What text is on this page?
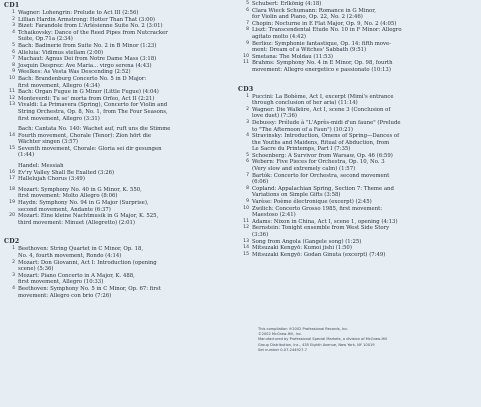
CD1
1 Wagner: Lohengrin: Prelude to Act III (2:56)
2 Lillian Hardin Armstrong: Hotter Than That (3:00)
3 Bizet: Farandole from L'Arlésienne Suite No. 2 (3:01)
4 Tchaikovsky: Dance of the Reed Pipes from Nutcracker
Suite, Op.71a (2:34)
5 Bach: Badinerie from Suite No. 2 in B Minor (1:23)
6 Alleluia: Vidimus stellam (2:00)
7 Machaut: Agnus Dei from Notre Dame Mass (3:18)
8 Josquin Desprez: Ave Maria... virgo serena (4:43)
9 Weelkes: As Vesta Was Descending (2:52)
10 Bach: Brandenburg Concerto No. 5 in D Major:
first movement, Allegro (4:34)
11 Bach: Organ Fugue in G Minor (Little Fugue) (4:04)
12 Monteverdi: Tu se' morta from Orfeo, Act II (2:21)
13 Vivaldi: La Primavera (Spring), Concerto for Violin and
String Orchestra, Op. 8, No. 1, from The Four Seasons,
first movement, Allegro (3:31)
Bach: Cantata No. 140: Wachet auf, ruft uns die Stimme
14 Fourth movement, Chorale (Tenor): Zion hört die
Wächter singen (3:57)
15 Seventh movement, Chorale: Gloria sei dir gesungen
(1:44)
Handel: Messiah
16 Ev'ry Valley Shall Be Exalted (3:26)
17 Hallelujah Chorus (3:49)
18 Mozart: Symphony No. 40 in G Minor, K. 550,
first movement: Molto Allegro (8:06)
19 Haydn: Symphony No. 94 in G Major (Surprise),
second movement, Andante (6:37)
20 Mozart: Eine kleine Nachtmusik in G Major, K. 525,
third movement: Minuet (Allegretto) (2:01)
CD2
1 Beethoven: String Quartet in C Minor, Op. 18,
No. 4, fourth movement, Rondo (4:14)
2 Mozart: Don Giovanni, Act I: Introduction (opening
scene) (5:36)
3 Mozart: Piano Concerto in A Major, K. 488,
first movement, Allegro (10:33)
4 Beethoven: Symphony No. 5 in C Minor, Op. 67: first
movement: Allegro con brio (7:26)
5 Schubert: Erlkönig (4:18)
6 Clara Wieck Schumann: Romance in G Minor,
for Violin and Piano, Op. 22, No. 2 (2:46)
7 Chopin: Nocturne in E Flat Major, Op. 9, No. 2 (4:05)
8 Liszt: Transcendental Etude No. 10 in F Minor: Allegro
agitato molto (4:42)
9 Berlioz: Symphonie fantastique, Op. 14: fifth move-
ment: Dream of a Witches' Sabbath (9:51)
10 Smetana: The Moldau (11:53)
11 Brahms: Symphony No. 4 in E Minor, Op. 98, fourth
movement: Allegro energetico e passionato (10:13)
CD3
1 Puccini: La Bohème, Act I, excerpt (Mimì's entrance
through conclusion of her aria) (11:14)
2 Wagner: Die Walküre, Act I, scene 3 (Conclusion of
love duet) (7:36)
3 Debussy: Prélude à "L'Après-midi d'un faune" (Prelude
to "The Afternoon of a Faun") (10:21)
4 Stravinsky: Introduction, Omens of Spring—Dances of
the Youths and Maidens, Ritual of Abduction, from
Le Sacre du Printemps, Part I (7:35)
5 Schoenberg: A Survivor from Warsaw, Op. 46 (6:59)
6 Webern: Five Pieces for Orchestra, Op. 10, No. 3
(Very slow and extremely calm) (1:57)
7 Bartók: Concerto for Orchestra, second movement
(6:06)
8 Copland: Appalachian Spring, Section 7: Theme and
Variations on Simple Gifts (3:58)
9 Varèse: Poème électronique (excerpt) (2:45)
10 Zwilich: Concerto Grosso 1985, first movement:
Maestoso (2:41)
11 Adams: Nixon in China, Act I, scene 1, opening (4:13)
12 Bernstein: Tonight ensemble from West Side Story
(3:36)
13 Song from Angola (Gangele song) (1:25)
14 Mitsuzaki Kengyō: Kumoi jishi (1:50)
15 Mitsuzaki Kengyō: Godan Ginuta (excerpt) (7:49)
This compilation ℗2002 Professional Records, Inc.
©2002 McGraw-Hill, Inc.
Manufactured by Professional Special Markets, a division of McGraw-Hill
Group Distribution, Inc., 435 Eighth Avenue, New York, NY 10019
Set number 0-07-244927-7
